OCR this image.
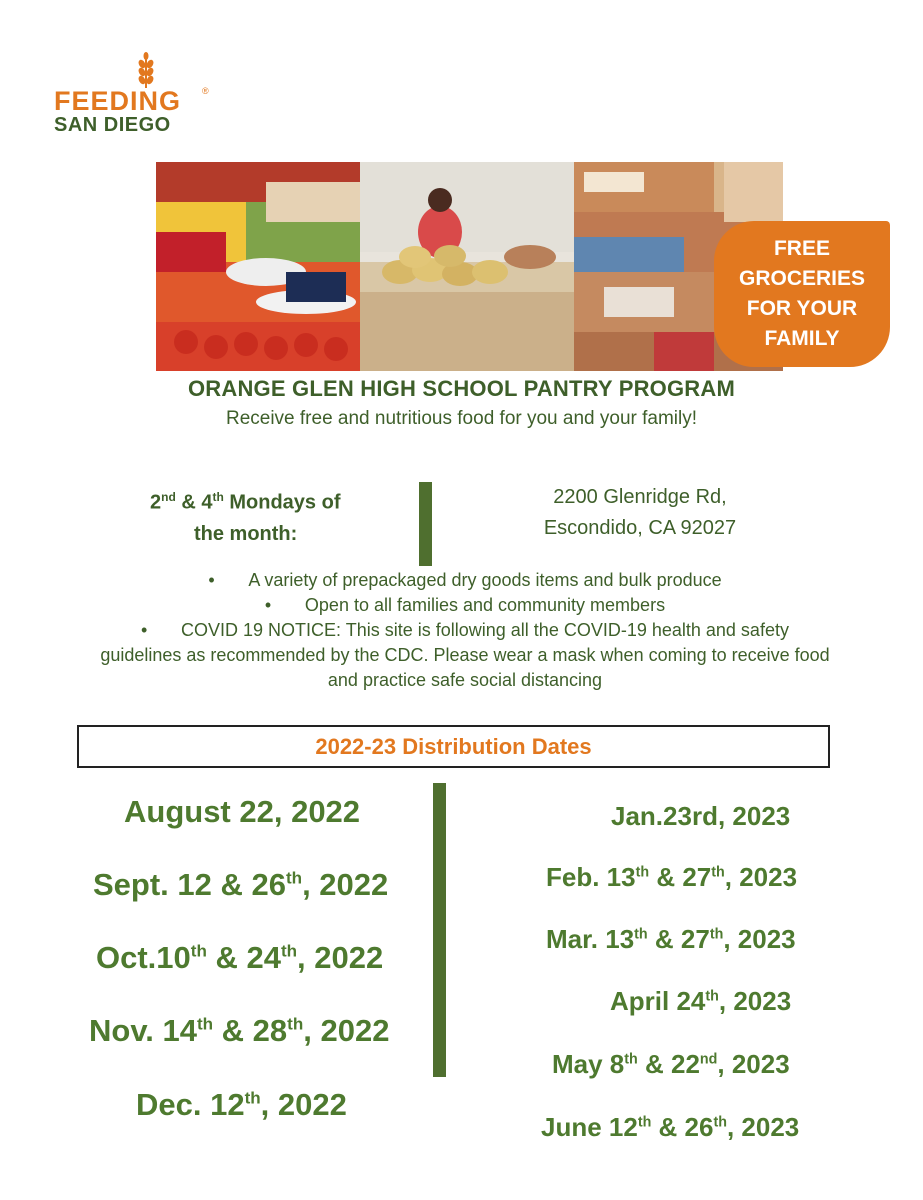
FEEDING ®
SAN DIEGO
FREE GROCERIES FOR YOUR FAMILY
ORANGE GLEN HIGH SCHOOL PANTRY PROGRAM
Receive free and nutritious food for you and your family!
2nd & 4th Mondays of
the month:
2200 Glenridge Rd,
Escondido, CA 92027
• A variety of prepackaged dry goods items and bulk produce
• Open to all families and community members
• COVID 19 NOTICE: This site is following all the COVID-19 health and safety guidelines as recommended by the CDC. Please wear a mask when coming to receive food and practice safe social distancing
2022-23 Distribution Dates
August 22, 2022
Sept. 12 & 26th, 2022
Oct.10th & 24th, 2022
Nov. 14th & 28th, 2022
Dec. 12th, 2022
Jan.23rd, 2023
Feb. 13th & 27th, 2023
Mar. 13th & 27th, 2023
April 24th, 2023
May 8th & 22nd, 2023
June 12th & 26th, 2023
